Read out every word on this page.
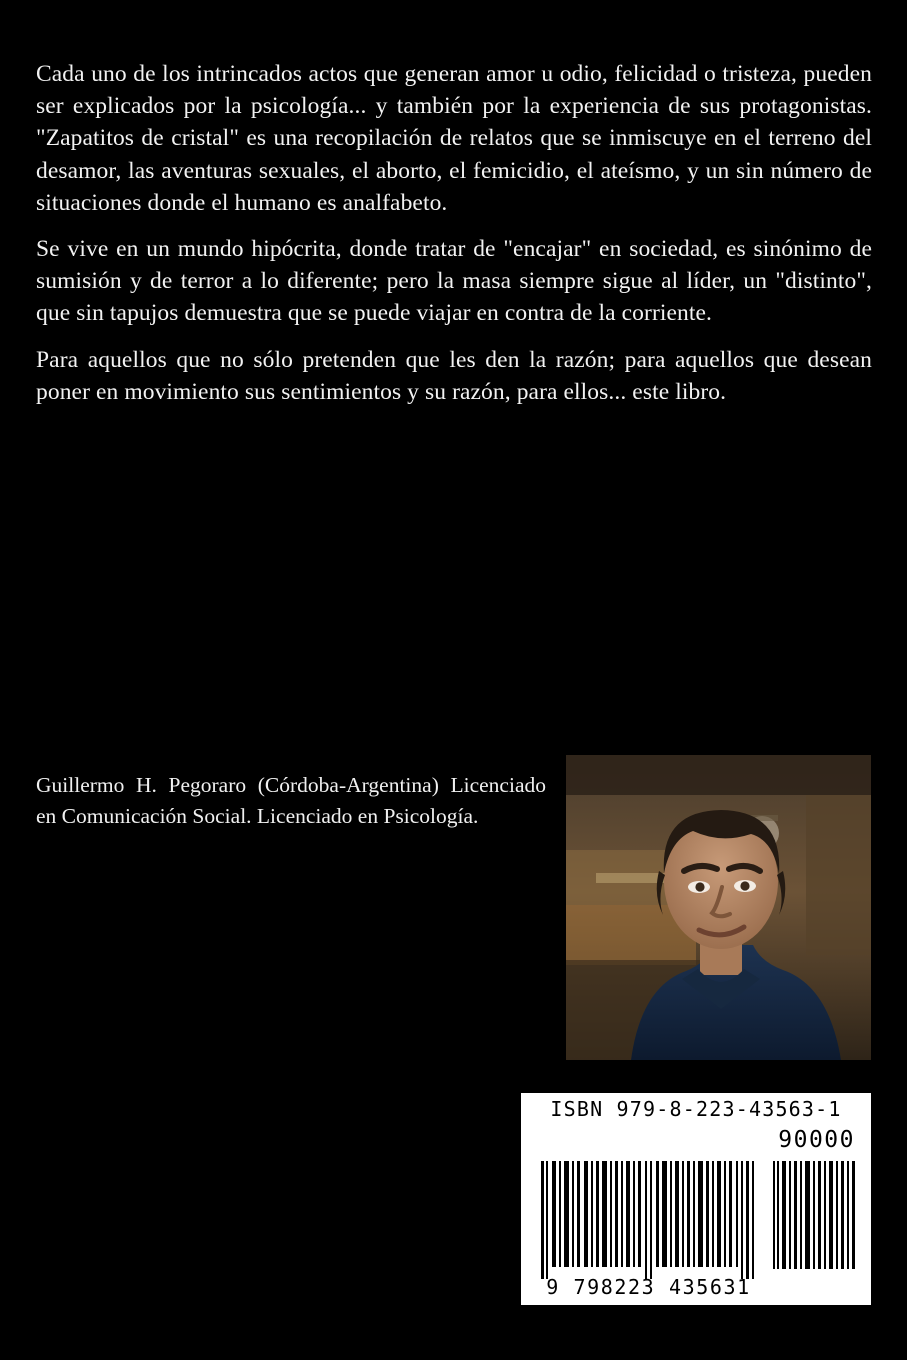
Cada uno de los intrincados actos que generan amor u odio, felicidad o tristeza, pueden ser explicados por la psicología... y también por la experiencia de sus protagonistas. "Zapatitos de cristal" es una recopilación de relatos que se inmiscuye en el terreno del desamor, las aventuras sexuales, el aborto, el femicidio, el ateísmo, y un sin número de situaciones donde el humano es analfabeto.

Se vive en un mundo hipócrita, donde tratar de "encajar" en sociedad, es sinónimo de sumisión y de terror a lo diferente; pero la masa siempre sigue al líder, un "distinto", que sin tapujos demuestra que se puede viajar en contra de la corriente.

Para aquellos que no sólo pretenden que les den la razón; para aquellos que desean poner en movimiento sus sentimientos y su razón, para ellos... este libro.

Guillermo H. Pegoraro (Córdoba-Argentina) Licenciado en Comunicación Social. Licenciado en Psicología.

ISBN 979-8-223-43563-1
90000
9 798223 435631
